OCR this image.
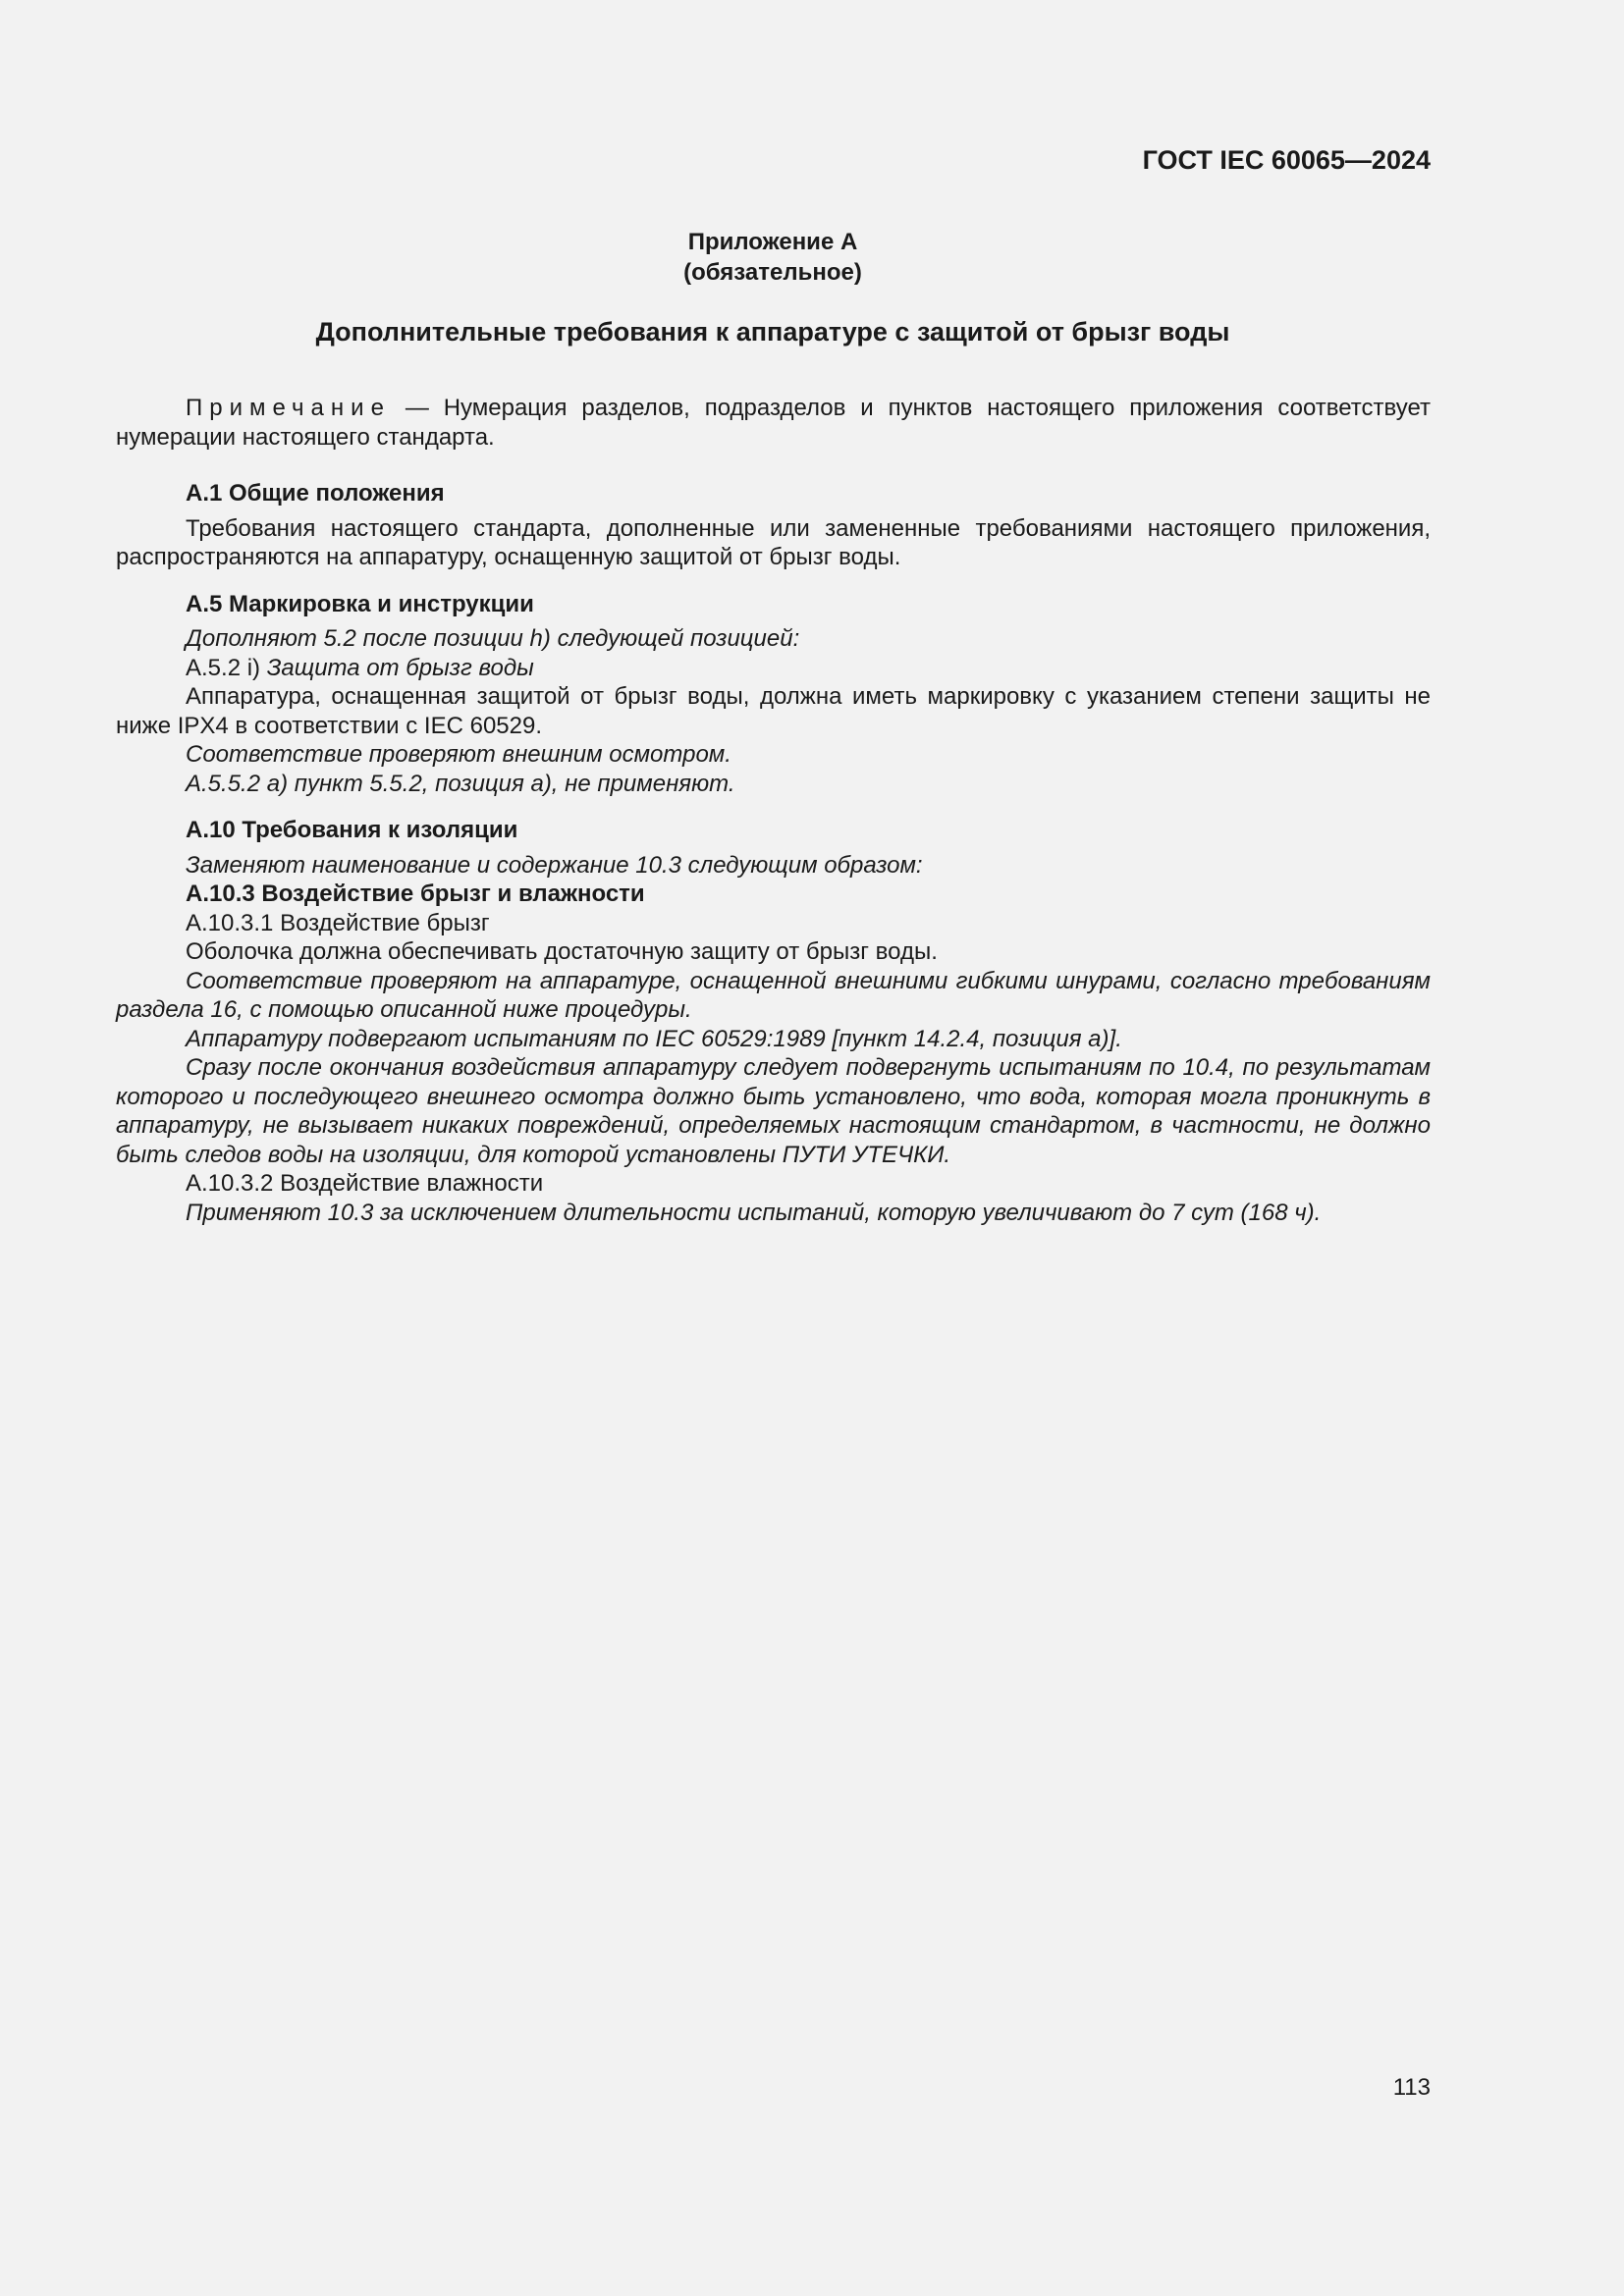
ГОСТ IEC 60065—2024
Приложение А
(обязательное)
Дополнительные требования к аппаратуре с защитой от брызг воды

Примечание — Нумерация разделов, подразделов и пунктов настоящего приложения соответствует нумерации настоящего стандарта.

А.1 Общие положения

Требования настоящего стандарта, дополненные или замененные требованиями настоящего приложения, распространяются на аппаратуру, оснащенную защитой от брызг воды.

А.5 Маркировка и инструкции

Дополняют 5.2 после позиции h) следующей позицией:

А.5.2 i) Защита от брызг воды

Аппаратура, оснащенная защитой от брызг воды, должна иметь маркировку с указанием степени защиты не ниже IPX4 в соответствии с IEC 60529.

Соответствие проверяют внешним осмотром.

А.5.5.2 а) пункт 5.5.2, позиция а), не применяют.

А.10 Требования к изоляции

Заменяют наименование и содержание 10.3 следующим образом:

А.10.3 Воздействие брызг и влажности

А.10.3.1 Воздействие брызг

Оболочка должна обеспечивать достаточную защиту от брызг воды.

Соответствие проверяют на аппаратуре, оснащенной внешними гибкими шнурами, согласно требованиям раздела 16, с помощью описанной ниже процедуры.

Аппаратуру подвергают испытаниям по IEC 60529:1989 [пункт 14.2.4, позиция а)].

Сразу после окончания воздействия аппаратуру следует подвергнуть испытаниям по 10.4, по результатам которого и последующего внешнего осмотра должно быть установлено, что вода, которая могла проникнуть в аппаратуру, не вызывает никаких повреждений, определяемых настоящим стандартом, в частности, не должно быть следов воды на изоляции, для которой установлены ПУТИ УТЕЧКИ.

А.10.3.2 Воздействие влажности

Применяют 10.3 за исключением длительности испытаний, которую увеличивают до 7 сут (168 ч).

113
